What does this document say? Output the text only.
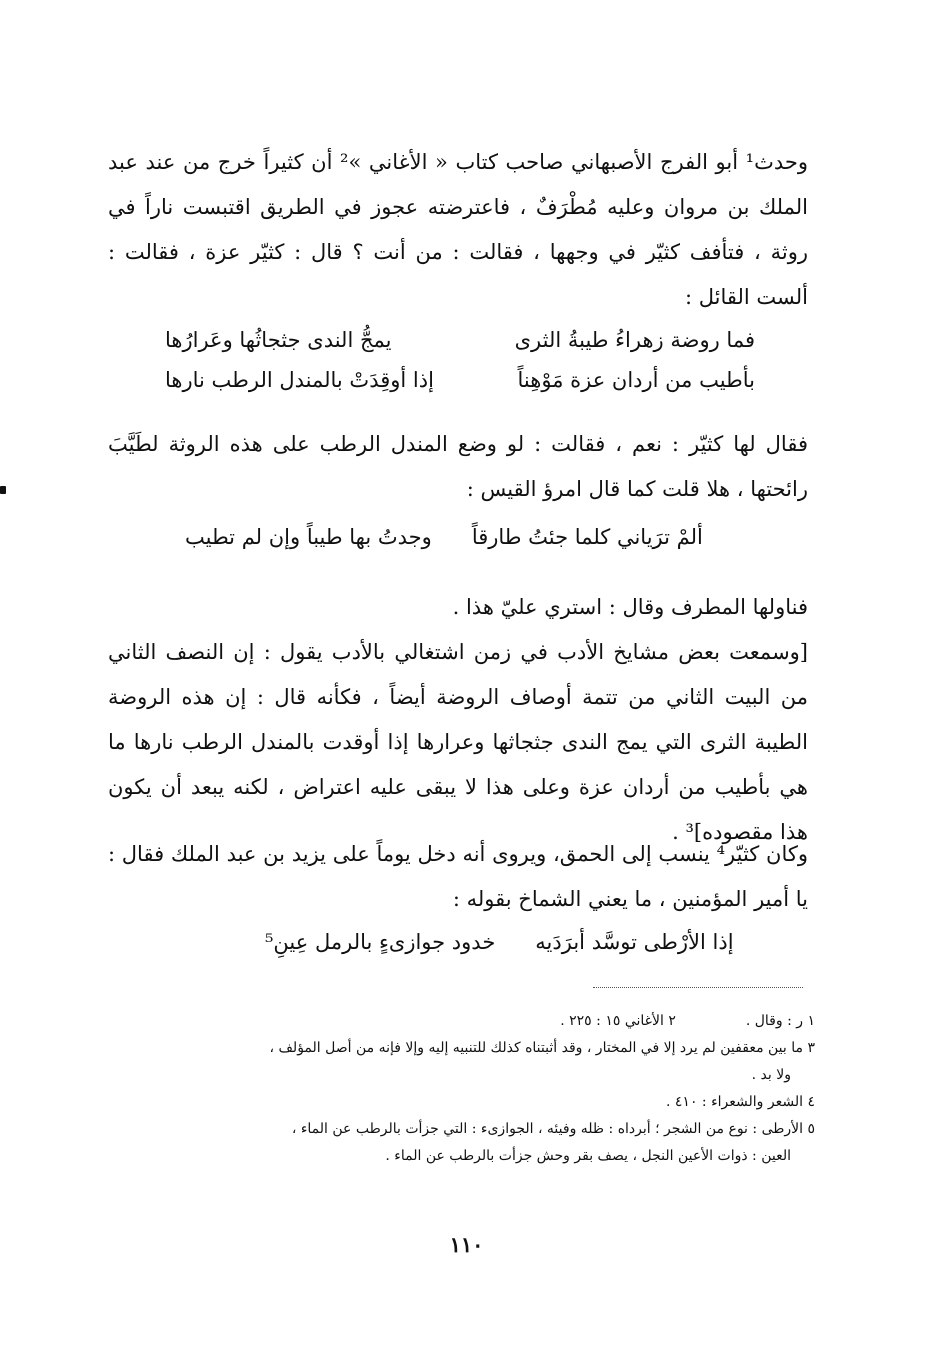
وحدث¹ أبو الفرج الأصبهاني صاحب كتاب « الأغاني »² أن كثيراً خرج من عند عبد الملك بن مروان وعليه مُطْرَفٌ ، فاعترضته عجوز في الطريق اقتبست ناراً في روثة ، فتأفف كثيّر في وجهها ، فقالت : من أنت ؟ قال : كثيّر عزة ، فقالت : ألست القائل :
فما روضة زهراءُ طيبةُ الثرى
يمجُّ الندى جثجاثُها وعَرارُها
بأطيب من أردان عزة مَوْهِناً
إذا أوقِدَتْ بالمندل الرطب نارها
فقال لها كثيّر : نعم ، فقالت : لو وضع المندل الرطب على هذه الروثة لطَيَّبَ رائحتها ، هلا قلت كما قال امرؤ القيس :
ألمْ ترَياني كلما جئتُ طارقاً
وجدتُ بها طيباً وإن لم تطيب
فناولها المطرف وقال : استري عليّ هذا .
[وسمعت بعض مشايخ الأدب في زمن اشتغالي بالأدب يقول : إن النصف الثاني من البيت الثاني من تتمة أوصاف الروضة أيضاً ، فكأنه قال : إن هذه الروضة الطيبة الثرى التي يمج الندى جثجاثها وعرارها إذا أوقدت بالمندل الرطب نارها ما هي بأطيب من أردان عزة وعلى هذا لا يبقى عليه اعتراض ، لكنه يبعد أن يكون هذا مقصوده]³ .
وكان كثيّر⁴ ينسب إلى الحمق، ويروى أنه دخل يوماً على يزيد بن عبد الملك فقال : يا أمير المؤمنين ، ما يعني الشماخ بقوله :
إذا الأرْطى توسَّد أبرَدَيه
خدود جوازىءٍ بالرمل عِينِ⁵
١ ر : وقال .
٢ الأغاني ١٥ : ٢٢٥ .
٣ ما بين معقفين لم يرد إلا في المختار ، وقد أثبتناه كذلك للتنبيه إليه وإلا فإنه من أصل المؤلف ،
ولا بد .
٤ الشعر والشعراء : ٤١٠ .
٥ الأرطى : نوع من الشجر ؛ أبرداه : ظله وفيئه ، الجوازىء : التي جزأت بالرطب عن الماء ،
العين : ذوات الأعين النجل ، يصف بقر وحش جزأت بالرطب عن الماء .
١١٠
